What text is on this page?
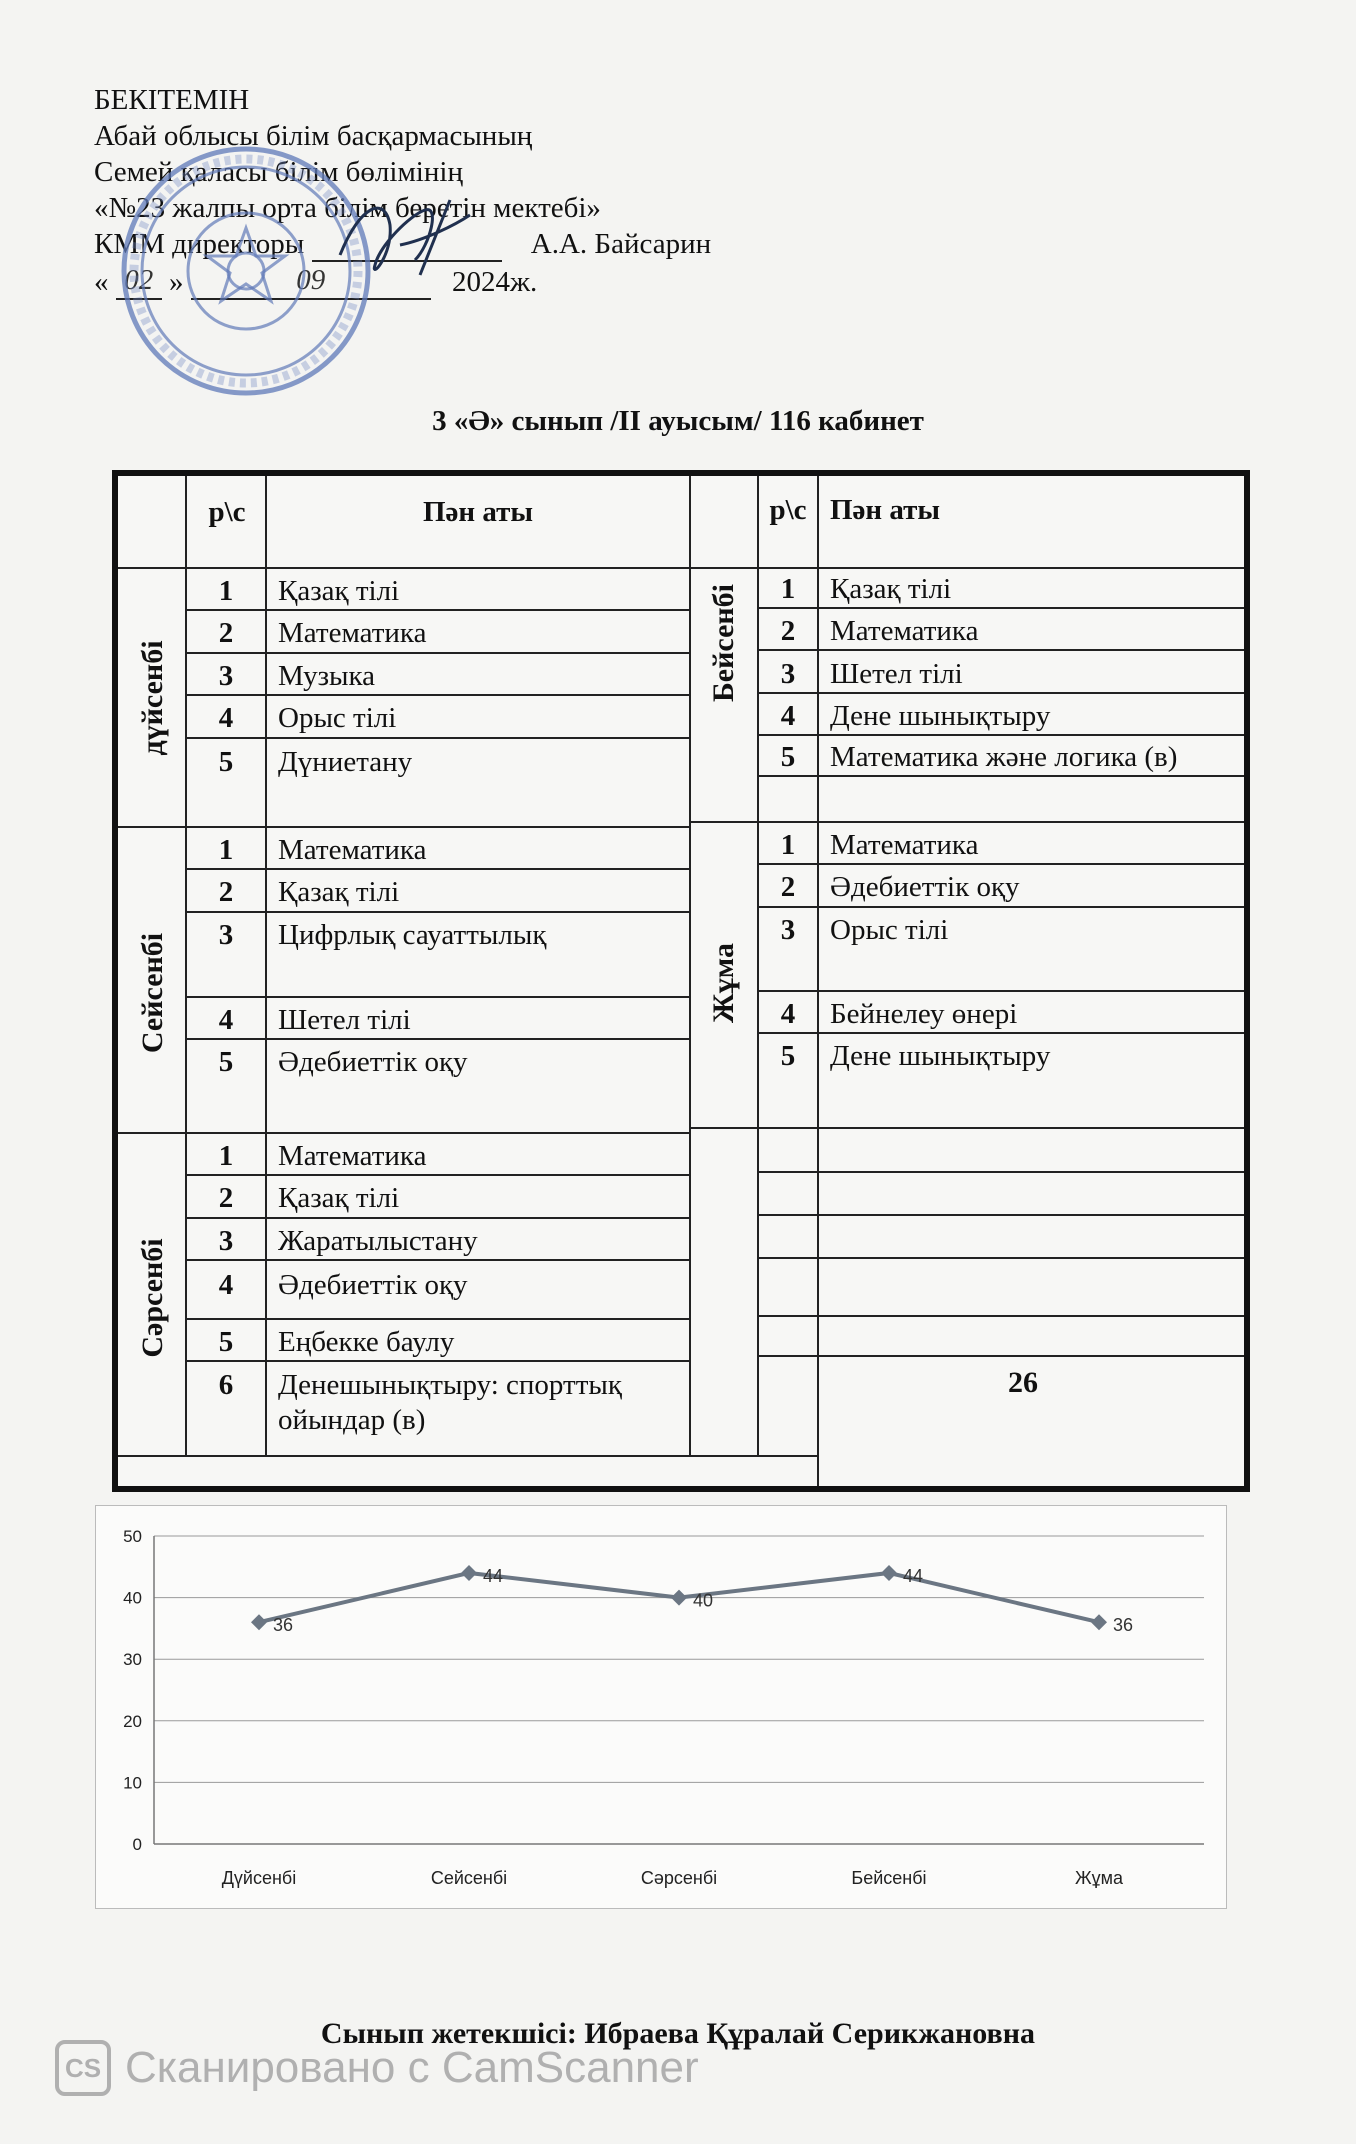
БЕКІТЕМІН
Абай облысы білім басқармасының
Семей қаласы білім бөлімінің
«№23 жалпы орта білім беретін мектебі»
КММ директоры	А.А. Байсарин
« 02 »	09	2024ж.
3 «Ә» сынып /ІІ ауысым/ 116 кабинет
р\с	Пән аты	р\с Пән аты
дүйсенбі
1	Қазақ тілі
2	Математика
3	Музыка
4	Орыс тілі
5	Дүниетану
Сейсенбі
1	Математика
2	Қазақ тілі
3	Цифрлық сауаттылық
4	Шетел тілі
5	Әдебиеттік оқу
Сәрсенбі
1	Математика
2	Қазақ тілі
3	Жаратылыстану
4	Әдебиеттік оқу
5	Еңбекке баулу
6	Денешынықтыру: спорттық
ойындар (в)
Бейсенбі	1	Қазақ тілі
2	Математика
3	Шетел тілі
4	Дене шынықтыру
5	Математика және логика (в)
Жұма
1	Математика
2	Әдебиеттік оқу
3	Орыс тілі
4	Бейнелеу өнері
5	Дене шынықтыру
26
0
10
20
30
40
50
Дүйсенбі	Сейсенбі	Сәрсенбі	Бейсенбі	Жұма
36
44
40
44
36
Сынып жетекшісі: Ибраева Құралай Серикжановна
CS Сканировано с CamScanner
